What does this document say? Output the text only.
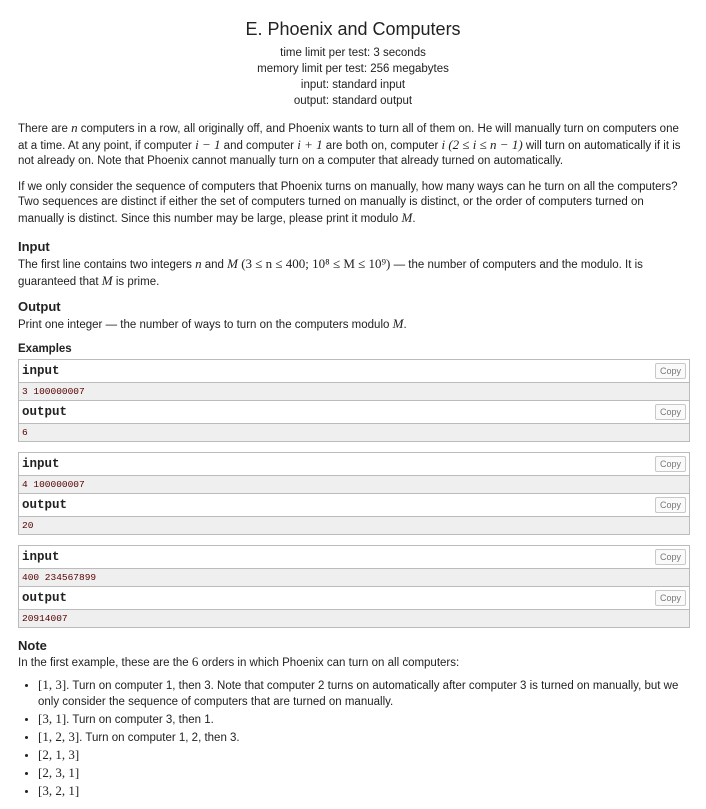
E. Phoenix and Computers
time limit per test: 3 seconds
memory limit per test: 256 megabytes
input: standard input
output: standard output

There are n computers in a row, all originally off, and Phoenix wants to turn all of them on. He will manually turn on computers one at a time. At any point, if computer i − 1 and computer i + 1 are both on, computer i (2 ≤ i ≤ n − 1) will turn on automatically if it is not already on. Note that Phoenix cannot manually turn on a computer that already turned on automatically.

If we only consider the sequence of computers that Phoenix turns on manually, how many ways can he turn on all the computers? Two sequences are distinct if either the set of computers turned on manually is distinct, or the order of computers turned on manually is distinct. Since this number may be large, please print it modulo M.

Input

The first line contains two integers n and M (3 ≤ n ≤ 400; 10⁸ ≤ M ≤ 10⁹) — the number of computers and the modulo. It is guaranteed that M is prime.

Output

Print one integer — the number of ways to turn on the computers modulo M.

Examples
input	Copy
3 100000007
output	Copy
6
input	Copy
4 100000007
output	Copy
20
input	Copy
400 234567899
output	Copy
20914007
Note

In the first example, these are the 6 orders in which Phoenix can turn on all computers:

• [1, 3]. Turn on computer 1, then 3. Note that computer 2 turns on automatically after computer 3 is turned on manually, but we only consider the sequence of computers that are turned on manually.
• [3, 1]. Turn on computer 3, then 1.
• [1, 2, 3]. Turn on computer 1, 2, then 3.
• [2, 1, 3]
• [2, 3, 1]
• [3, 2, 1]
